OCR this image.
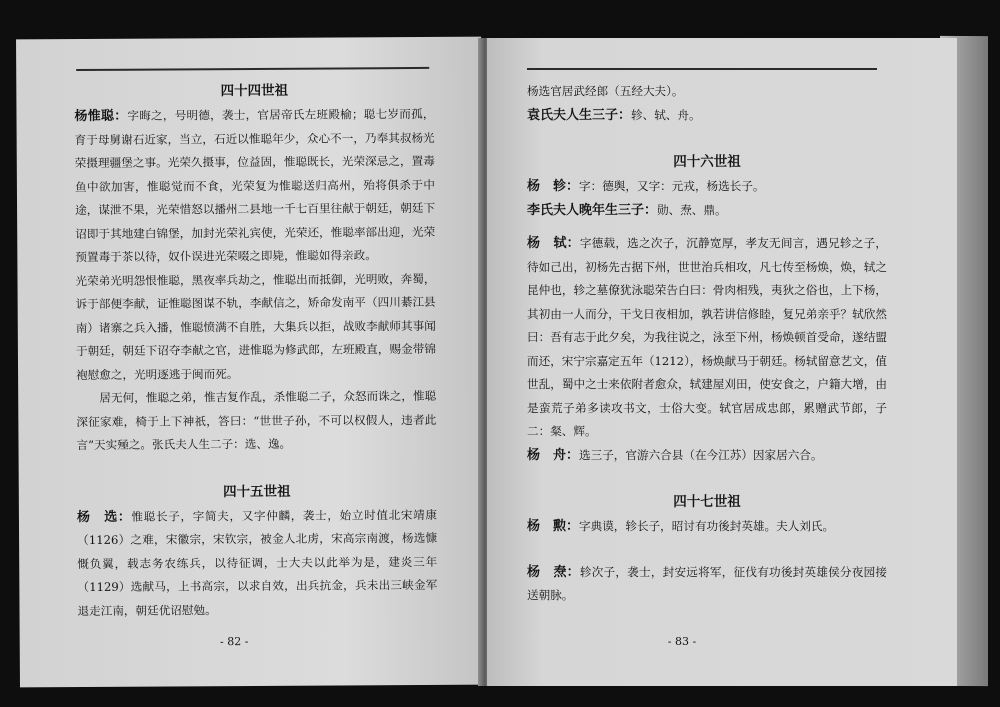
四十四世祖
杨惟聪：字晦之，号明德，袭士，官居帝氏左班殿榆；聪七岁而孤，育于母舅谢石近家，当立，石近以惟聪年少，众心不一，乃奉其叔杨光荣摄理疆堡之事。光荣久摄事，位益固，惟聪既长，光荣深忌之，置毒鱼中欲加害，惟聪觉而不食，光荣复为惟聪送归高州，殆将俱杀于中途，谋泄不果，光荣惜怒以播州二县地一千七百里往献于朝廷，朝廷下诏即于其地建白锦堡，加封光荣礼宾使，光荣还，惟聪率部出迎，光荣预置毒于茶以待，奴仆误进光荣啜之即毙，惟聪如得亲政。
光荣弟光明怨恨惟聪，黑夜率兵劫之，惟聪出而抵御，光明败，奔蜀，诉于部便李献，证惟聪图谋不轨，李献信之，矫命发南平（四川綦江县南）诸寨之兵入播，惟聪愤满不自胜，大集兵以拒，战败李献师其事闻于朝廷，朝廷下诏夺李献之官，进惟聪为修武郎，左班殿直，赐金带锦袍慰愈之，光明逐逃于闽而死。
居无何，惟聪之弟，惟吉复作乱，杀惟聪二子，众怒而诛之，惟聪深征家难，椅于上下神祇，答曰：“世世子孙，不可以权假人，违者此言”天实殛之。张氏夫人生二子：选、逸。
四十五世祖
杨　选：惟聪长子，字简夫，又字仲麟，袭士，始立时值北宋靖康（1126）之难，宋徽宗，宋钦宗，被金人北虏，宋高宗南渡，杨选慷慨负翼，载志务农练兵，以待征调，士大夫以此举为是，建炎三年（1129）选献马，上书高宗，以求自效，出兵抗金，兵未出三峡金军退走江南，朝廷优诏慰勉。
- 82 -
杨选官居武经郎（五经大夫）。
袁氏夫人生三子：轸、轼、舟。
四十六世祖
杨　轸：字：德舆，又字：元戎，杨选长子。
李氏夫人晚年生三子：勋、焘、鼎。
杨　轼：字德载，选之次子，沉静宽厚，孝友无间言，遇兄轸之子，待如己出，初杨先古据下州，世世治兵相攻，凡七传至杨焕，焕，轼之昆仲也，轸之墓僚犹泳聪荣告白曰：骨肉相残，夷狄之俗也，上下杨，其初由一人而分，干戈日夜相加，孰若讲信修睦，复兄弟亲乎？轼欣然曰：吾有志于此夕矣，为我往说之，泳至下州，杨焕顿首受命，遂结盟而还，宋宁宗嘉定五年（1212），杨焕献马于朝廷。杨轼留意艺文，值世乱，蜀中之士来依附者愈众，轼建屋刈田，使安食之，户籍大增，由是蛮荒子弟多读攻书文，士俗大变。轼官居成忠郎，累赠武节郎，子二：粲、辉。
杨　舟：选三子，官游六合县（在今江苏）因家居六合。
四十七世祖
杨　勲：字典谟，轸长子，昭讨有功後封英雄。夫人刘氏。
杨　焘：轸次子，袭士，封安远将军，征伐有功後封英雄侯分夜园接送朝脉。
- 83 -
